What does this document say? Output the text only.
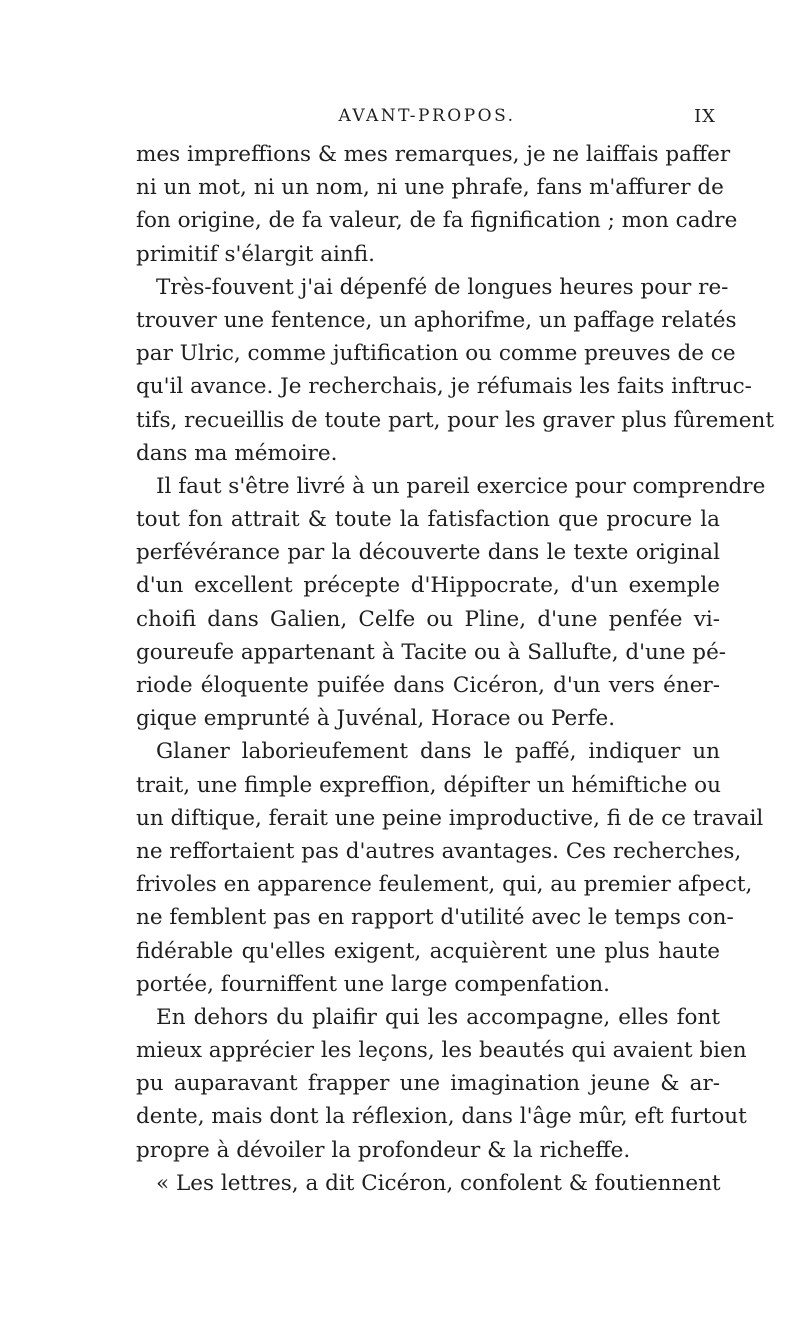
AVANT-PROPOS.	IX
mes impreffions & mes remarques, je ne laiffais paffer
ni un mot, ni un nom, ni une phrafe, fans m'affurer de
fon origine, de fa valeur, de fa fignification ; mon cadre
primitif s'élargit ainfi.
Très-fouvent j'ai dépenfé de longues heures pour re-
trouver une fentence, un aphorifme, un paffage relatés
par Ulric, comme juftification ou comme preuves de ce
qu'il avance. Je recherchais, je réfumais les faits inftruc-
tifs, recueillis de toute part, pour les graver plus fûrement
dans ma mémoire.
Il faut s'être livré à un pareil exercice pour comprendre
tout fon attrait & toute la fatisfaction que procure la
perfévérance par la découverte dans le texte original
d'un excellent précepte d'Hippocrate, d'un exemple
choifi dans Galien, Celfe ou Pline, d'une penfée vi-
goureufe appartenant à Tacite ou à Sallufte, d'une pé-
riode éloquente puifée dans Cicéron, d'un vers éner-
gique emprunté à Juvénal, Horace ou Perfe.
Glaner laborieufement dans le paffé, indiquer un
trait, une fimple expreffion, dépifter un hémiftiche ou
un diftique, ferait une peine improductive, fi de ce travail
ne reffortaient pas d'autres avantages. Ces recherches,
frivoles en apparence feulement, qui, au premier afpect,
ne femblent pas en rapport d'utilité avec le temps con-
fidérable qu'elles exigent, acquièrent une plus haute
portée, fourniffent une large compenfation.
En dehors du plaifir qui les accompagne, elles font
mieux apprécier les leçons, les beautés qui avaient bien
pu auparavant frapper une imagination jeune & ar-
dente, mais dont la réflexion, dans l'âge mûr, eft furtout
propre à dévoiler la profondeur & la richeffe.
« Les lettres, a dit Cicéron, confolent & foutiennent
